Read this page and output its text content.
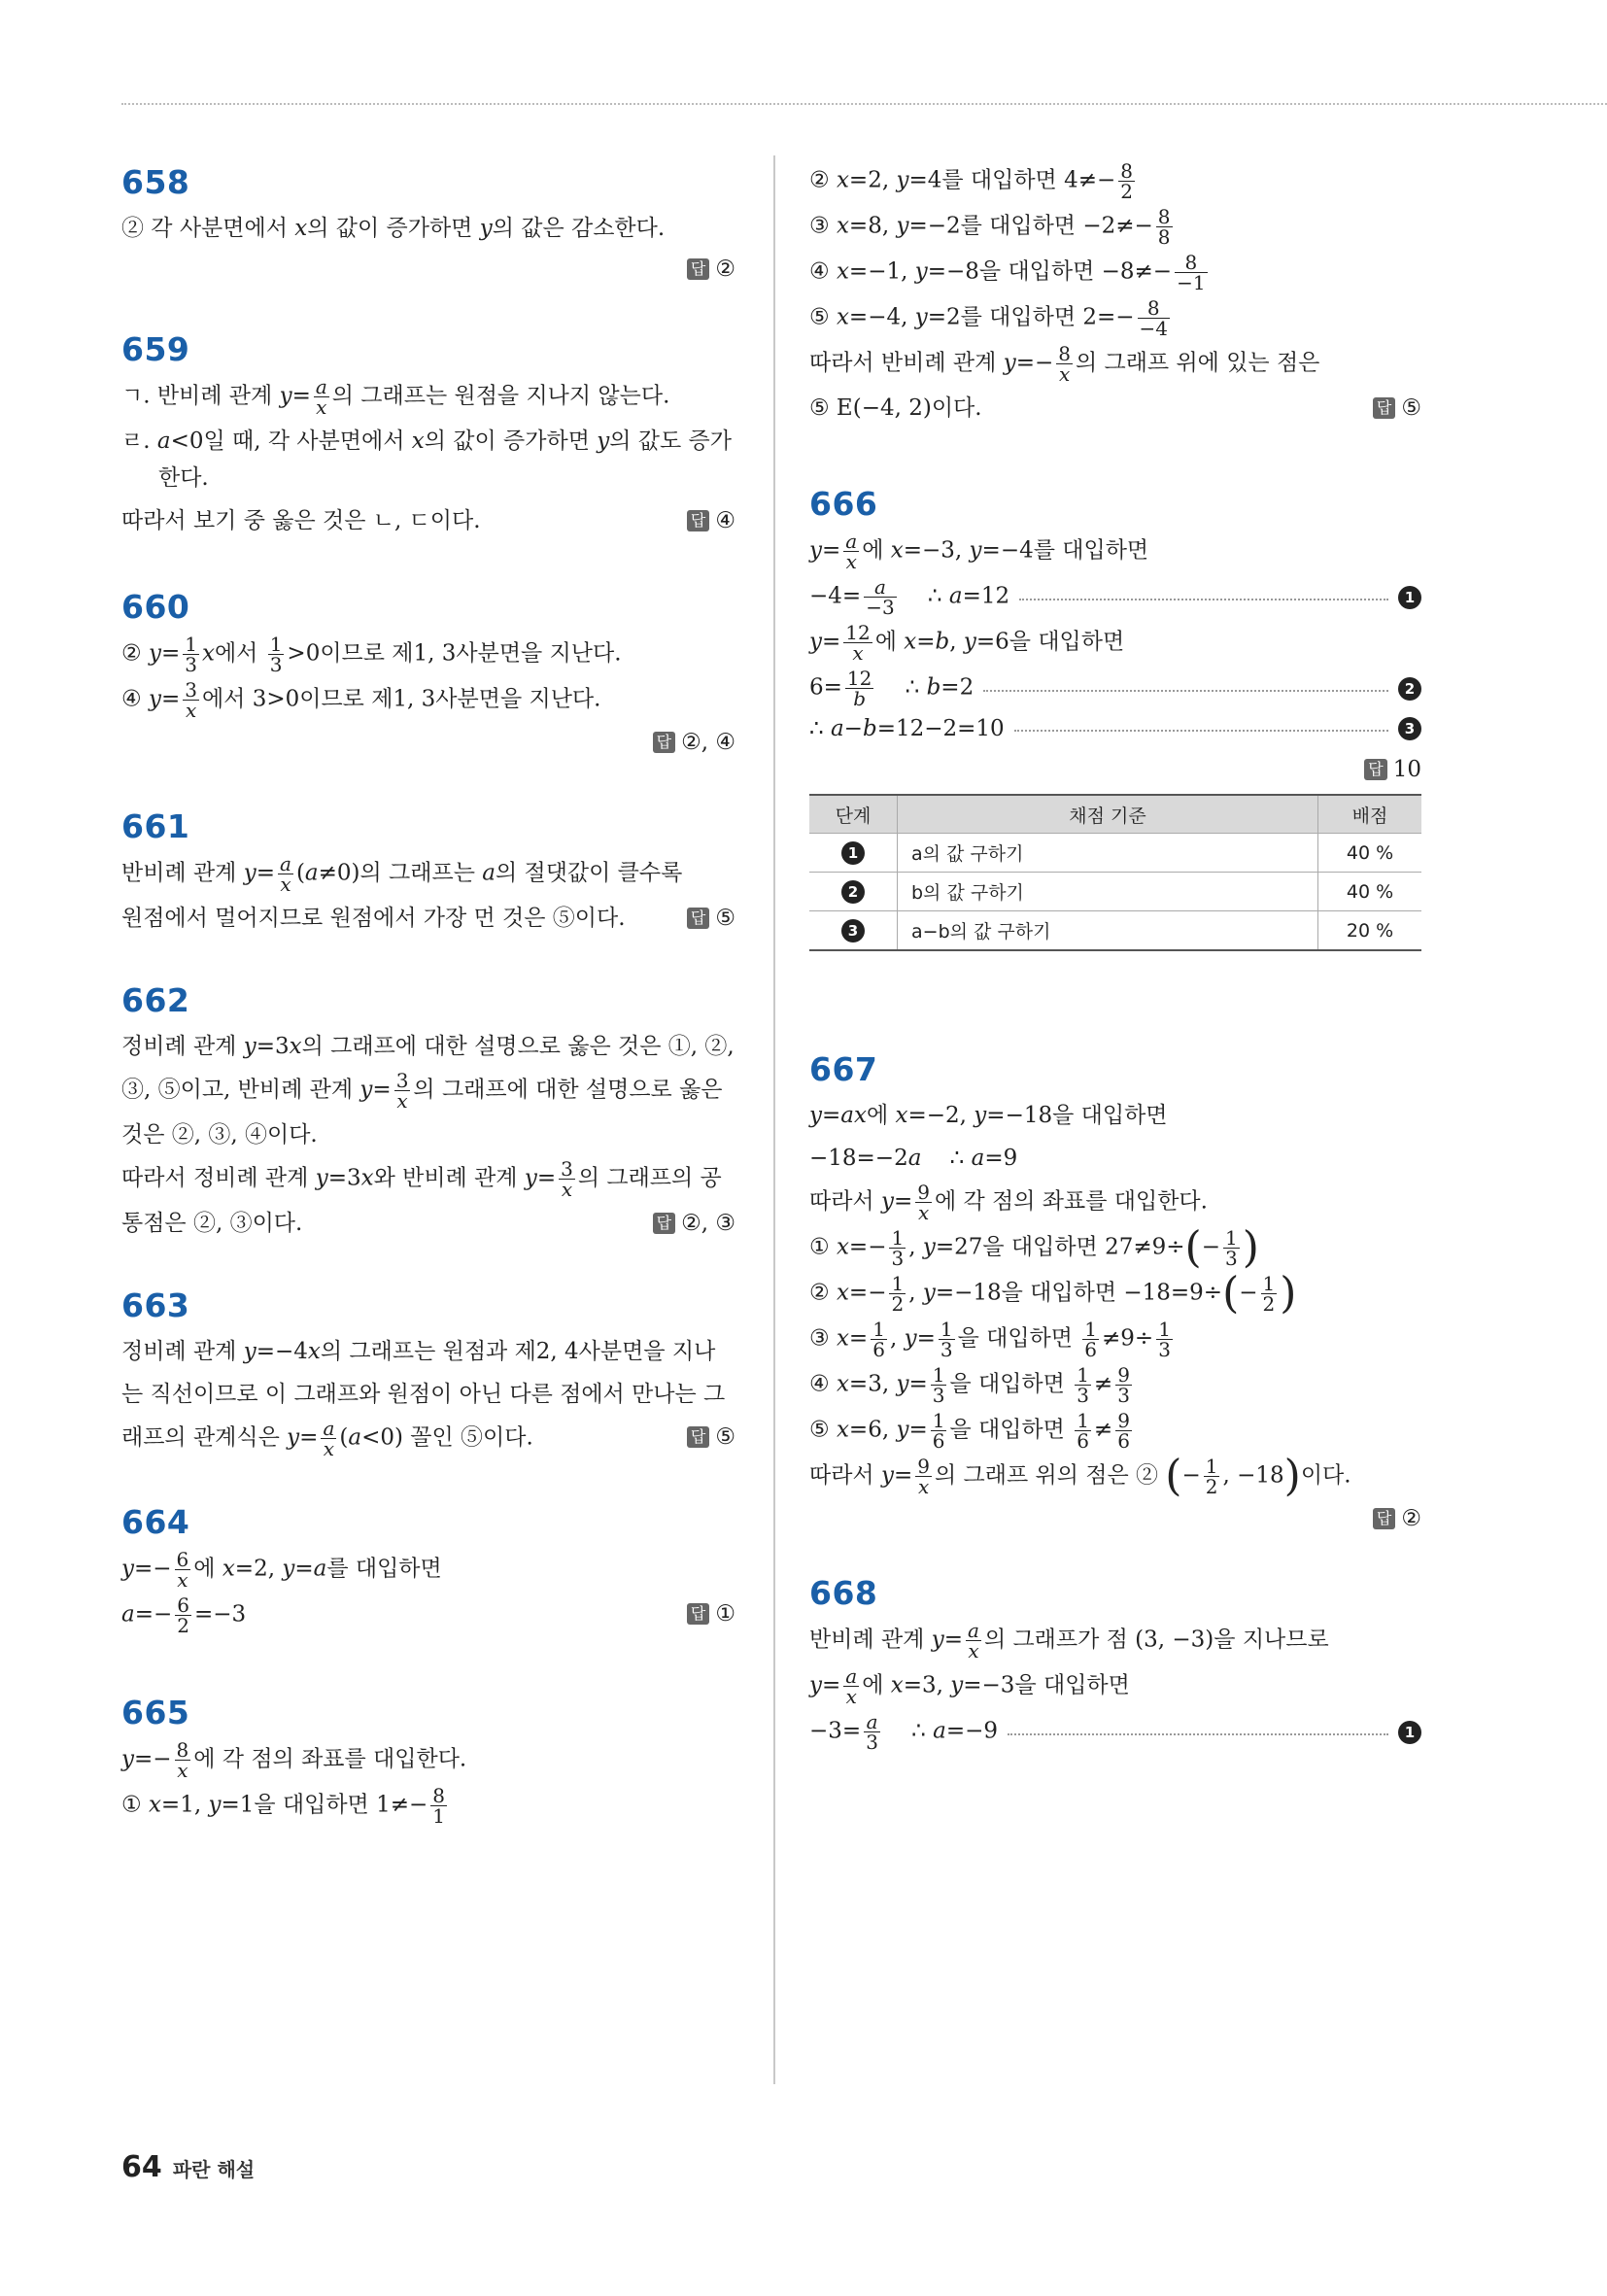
658
② 각 사분면에서 x의 값이 증가하면 y의 값은 감소한다.
답 ②
659
ㄱ. 반비례 관계 $y= \frac{a}{x}$ 의 그래프는 원점을 지나지 않는다.
ㄹ. a<0일 때, 각 사분면에서 x의 값이 증가하면 y의 값도 증가한다.
따라서 보기 중 옳은 것은 ㄴ, ㄷ이다.	답 ④
660
② $y= \frac{1}{3}$ x에서 $\frac{1}{3} >0$이므로 제1, 3사분면을 지난다.
④ $y= \frac{3}{x}$ 에서 3>0이므로 제1, 3사분면을 지난다.
답 ②, ④
661
반비례 관계 $y= \frac{a}{x} (a\ne 0)$의 그래프는 a의 절댓값이 클수록
원점에서 멀어지므로 원점에서 가장 먼 것은 ⑤이다.	답 ⑤
662
정비례 관계 y=3x의 그래프에 대한 설명으로 옳은 것은 ①, ②,
③, ⑤이고, 반비례 관계 $y= \frac{3}{x}$ 의 그래프에 대한 설명으로 옳은
것은 ②, ③, ④이다.
따라서 정비례 관계 y=3x와 반비례 관계 $y= \frac{3}{x}$ 의 그래프의 공
통점은 ②, ③이다.	답 ②, ③
663
정비례 관계 y=−4x의 그래프는 원점과 제2, 4사분면을 지나
는 직선이므로 이 그래프와 원점이 아닌 다른 점에서 만나는 그
래프의 관계식은 $y= \frac{a}{x} (a<0)$ 꼴인 ⑤이다.	답 ⑤
664
$y=- \frac{6}{x}$ 에 x=2, y=a를 대입하면
$a=- \frac{6}{2} =-3$	답 ①
665
$y=- \frac{8}{x}$ 에 각 점의 좌표를 대입한다.
① x=1, y=1을 대입하면 $1\ne- \frac{8}{1}$
② x=2, y=4를 대입하면 $4\ne- \frac{8}{2}$
③ x=8, y=−2를 대입하면 $-2\ne- \frac{8}{8}$
④ x=−1, y=−8을 대입하면 $-8\ne- \frac{8}{-1}$
⑤ x=−4, y=2를 대입하면 $2=- \frac{8}{-4}$
따라서 반비례 관계 $y=- \frac{8}{x}$ 의 그래프 위에 있는 점은
⑤ E(−4, 2)이다.	답 ⑤
666
$y= \frac{a}{x}$ 에 x=−3, y=−4를 대입하면
$-4= \frac{a}{-3}$ ∴ a=12	1
$y= \frac{12}{x}$ 에 x=b, y=6을 대입하면
$6= \frac{12}{b}$ ∴ b=2	2
∴ a−b=12−2=10	3
답 10
단계	채점 기준	배점
1	a의 값 구하기	40 %
2	b의 값 구하기	40 %
3	a−b의 값 구하기	20 %
667
y=ax에 x=−2, y=−18을 대입하면
−18=−2a    ∴ a=9
따라서 $y= \frac{9}{x}$ 에 각 점의 좌표를 대입한다.
① $x=- \frac{1}{3}$ , y=27을 대입하면 $27\ne 9\div(- \frac{1}{3}$ )
② $x=- \frac{1}{2}$ , y=−18을 대입하면 $-18=9\div(- \frac{1}{2}$ )
③ $x= \frac{1}{6}$ , $y= \frac{1}{3}$ 을 대입하면 $\frac{1}{6} \ne 9\div \frac{1}{3}$
④ x=3, $y= \frac{1}{3}$ 을 대입하면 $\frac{1}{3} \ne \frac{9}{3}$
⑤ x=6, $y= \frac{1}{6}$ 을 대입하면 $\frac{1}{6} \ne \frac{9}{6}$
따라서 $y= \frac{9}{x}$ 의 그래프 위의 점은 ② (− $\frac{1}{2}$ , −18)이다.
답 ②
668
반비례 관계 $y= \frac{a}{x}$ 의 그래프가 점 (3, −3)을 지나므로
$y= \frac{a}{x}$ 에 x=3, y=−3을 대입하면
$-3= \frac{a}{3}$ ∴ a=−9	1
64 파란 해설
